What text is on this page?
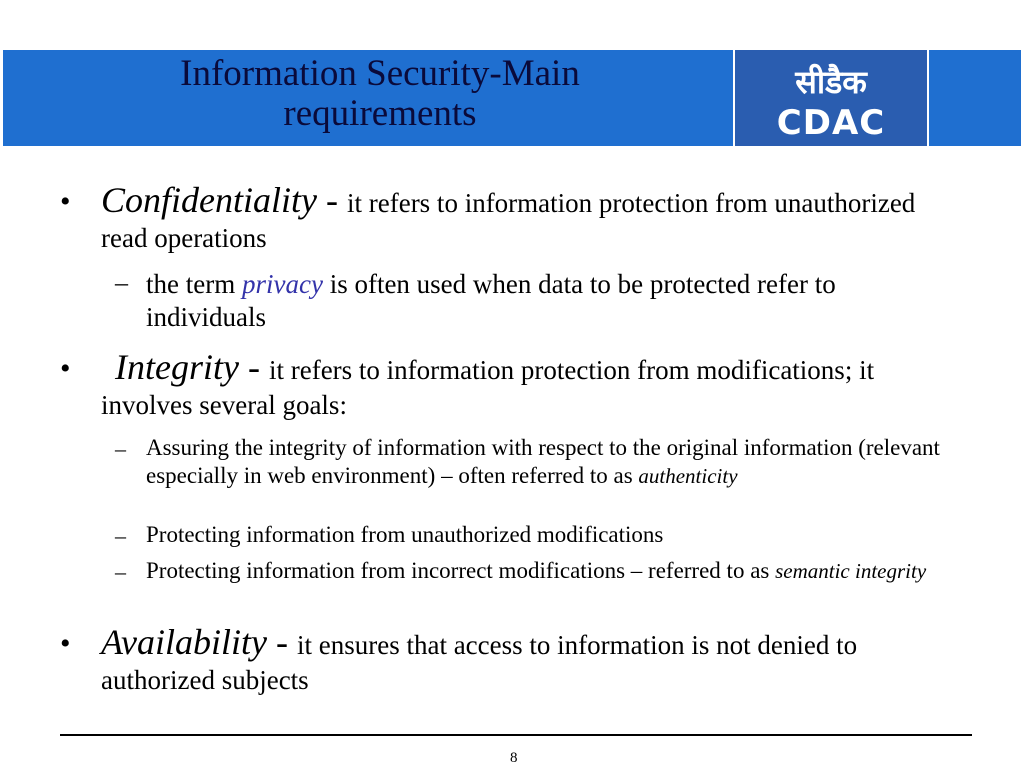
Information Security-Main requirements
सीडैक
CDAC
• Confidentiality - it refers to information protection from unauthorized read operations
– the term privacy is often used when data to be protected refer to individuals
•	Integrity - it refers to information protection from modifications; it involves several goals:
– Assuring the integrity of information with respect to the original information (relevant especially in web environment) – often referred to as authenticity
– Protecting information from unauthorized modifications
– Protecting information from incorrect modifications – referred to as semantic integrity
• Availability - it ensures that access to information is not denied to authorized subjects
8
